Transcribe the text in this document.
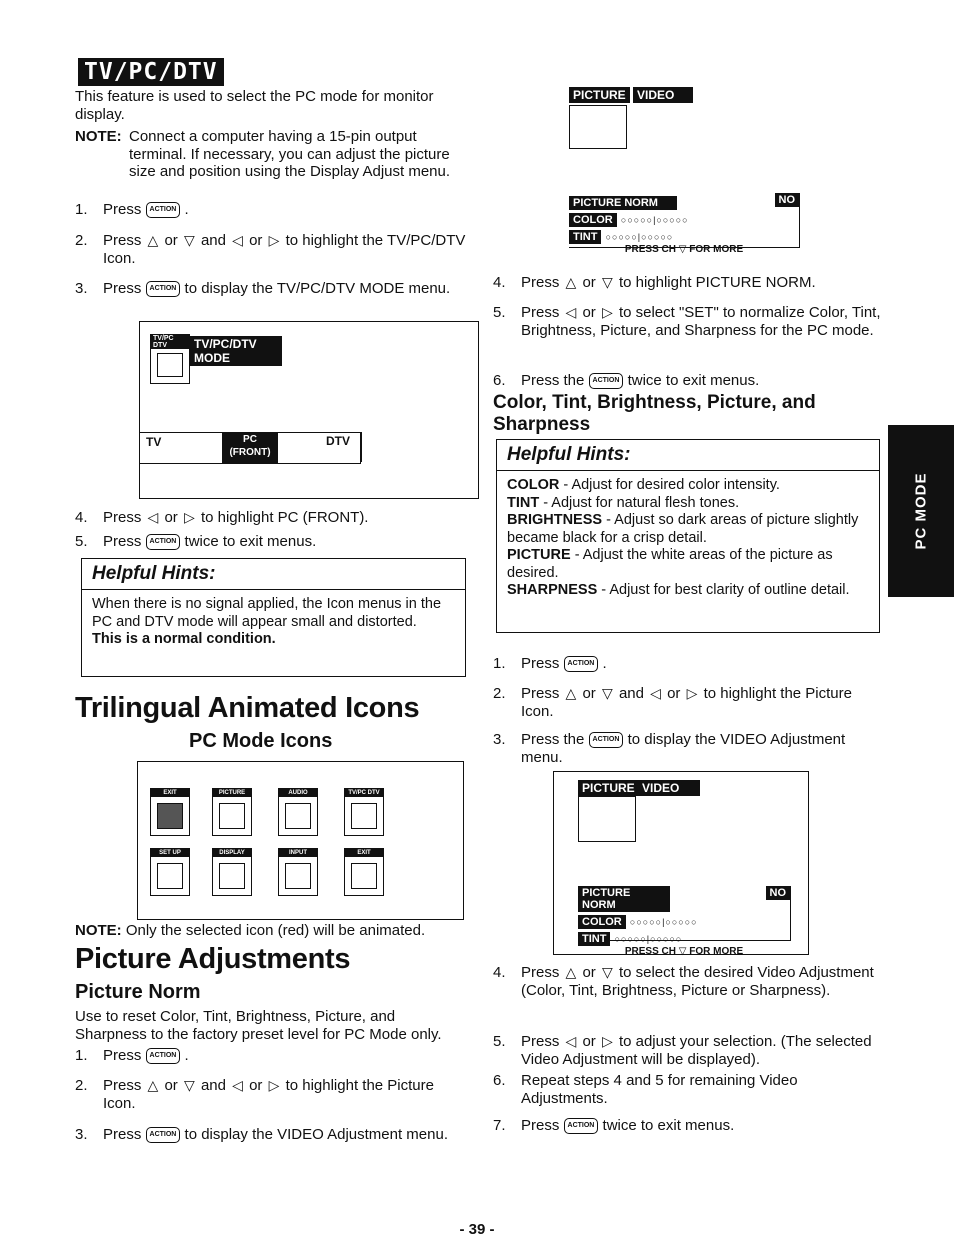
TV/PC/DTV
PC MODE

This feature is used to select the PC mode for monitor display.

NOTE: Connect a computer having a 15-pin output terminal. If necessary, you can adjust the picture size and position using the Display Adjust menu.

1.	Press ACTION .
2.	Press △ or ▽ and ◁ or ▷ to highlight the TV/PC/DTV Icon.
3.	Press ACTION to display the TV/PC/DTV MODE menu.
TV/PC DTV	TV/PC/DTV MODE
TV	PC
(FRONT)
DTV
4.	Press ◁ or ▷ to highlight PC (FRONT).
5.	Press ACTION twice to exit menus.
Helpful Hints:
When there is no signal applied, the Icon menus in the PC and DTV mode will appear small and distorted.
This is a normal condition.
Trilingual Animated Icons
PC Mode Icons
EXIT	PICTURE	AUDIO	TV/PC DTV
SET UP	DISPLAY ADJ
INPUT SELECT
EXIT

NOTE: Only the selected icon (red) will be animated.

Picture Adjustments
Picture Norm

Use to reset Color, Tint, Brightness, Picture, and Sharpness to the factory preset level for PC Mode only.

1.	Press ACTION .
2.	Press △ or ▽ and ◁ or ▷ to highlight the Picture Icon.
3.	Press ACTION to display the VIDEO Adjustment menu.
PICTURE VIDEO
PICTURE NORM	NO
COLOR ○○○○○|○○○○○
TINT ○○○○○|○○○○○
PRESS CH ▽ FOR MORE
4.	Press △ or ▽ to highlight PICTURE NORM.
5.	Press ◁ or ▷ to select "SET" to normalize Color, Tint, Brightness, Picture, and Sharpness for the PC mode.
6.	Press the ACTION twice to exit menus.
Color, Tint, Brightness, Picture, and Sharpness
Helpful Hints:
COLOR - Adjust for desired color intensity.
TINT - Adjust for natural flesh tones.
BRIGHTNESS - Adjust so dark areas of picture slightly became black for a crisp detail.
PICTURE - Adjust the white areas of the picture as desired.
SHARPNESS - Adjust for best clarity of outline detail.
1.	Press ACTION .
2.	Press △ or ▽ and ◁ or ▷ to highlight the Picture Icon.
3.	Press the ACTION to display the VIDEO Adjustment menu.
PICTURE VIDEO
PICTURE NORM
NO
COLOR ○○○○○|○○○○○
TINT ○○○○○|○○○○○
PRESS CH ▽ FOR MORE
4.	Press △ or ▽ to select the desired Video Adjustment (Color, Tint, Brightness, Picture or Sharpness).
5.	Press ◁ or ▷ to adjust your selection. (The selected Video Adjustment will be displayed).
6.	Repeat steps 4 and 5 for remaining Video Adjustments.
7.	Press ACTION twice to exit menus.
- 39 -
